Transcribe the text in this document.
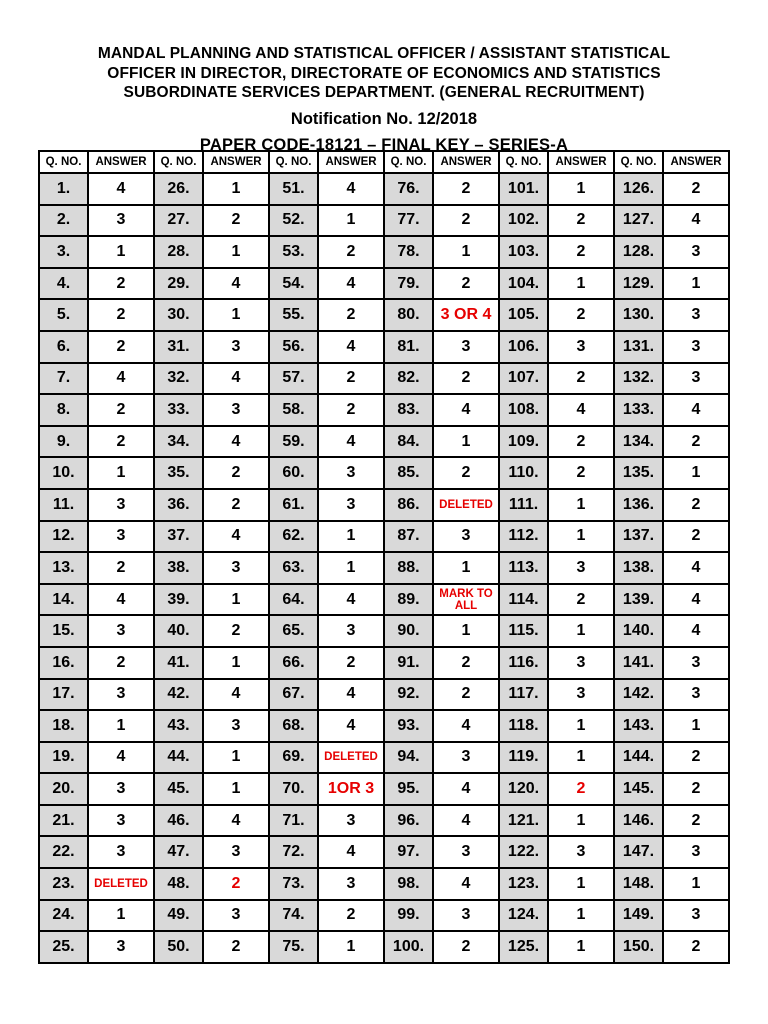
MANDAL PLANNING AND STATISTICAL OFFICER / ASSISTANT STATISTICAL
OFFICER IN DIRECTOR, DIRECTORATE OF ECONOMICS AND STATISTICS
SUBORDINATE SERVICES DEPARTMENT. (GENERAL RECRUITMENT)
Notification No. 12/2018
PAPER CODE-18121 – FINAL KEY – SERIES-A
Q. NO.	ANSWER	Q. NO.	ANSWER	Q. NO.	ANSWER	Q. NO.	ANSWER	Q. NO.	ANSWER	Q. NO.	ANSWER
1.	4	26.	1	51.	4	76.	2	101.	1	126.	2
2.	3	27.	2	52.	1	77.	2	102.	2	127.	4
3.	1	28.	1	53.	2	78.	1	103.	2	128.	3
4.	2	29.	4	54.	4	79.	2	104.	1	129.	1
5.	2	30.	1	55.	2	80.	3 OR 4	105.	2	130.	3
6.	2	31.	3	56.	4	81.	3	106.	3	131.	3
7.	4	32.	4	57.	2	82.	2	107.	2	132.	3
8.	2	33.	3	58.	2	83.	4	108.	4	133.	4
9.	2	34.	4	59.	4	84.	1	109.	2	134.	2
10.	1	35.	2	60.	3	85.	2	110.	2	135.	1
11.	3	36.	2	61.	3	86.	DELETED	111.	1	136.	2
12.	3	37.	4	62.	1	87.	3	112.	1	137.	2
13.	2	38.	3	63.	1	88.	1	113.	3	138.	4
14.	4	39.	1	64.	4	89.	MARK TO ALL	114.	2	139.	4
15.	3	40.	2	65.	3	90.	1	115.	1	140.	4
16.	2	41.	1	66.	2	91.	2	116.	3	141.	3
17.	3	42.	4	67.	4	92.	2	117.	3	142.	3
18.	1	43.	3	68.	4	93.	4	118.	1	143.	1
19.	4	44.	1	69.	DELETED	94.	3	119.	1	144.	2
20.	3	45.	1	70.	1OR 3	95.	4	120.	2	145.	2
21.	3	46.	4	71.	3	96.	4	121.	1	146.	2
22.	3	47.	3	72.	4	97.	3	122.	3	147.	3
23.	DELETED	48.	2	73.	3	98.	4	123.	1	148.	1
24.	1	49.	3	74.	2	99.	3	124.	1	149.	3
25.	3	50.	2	75.	1	100.	2	125.	1	150.	2
